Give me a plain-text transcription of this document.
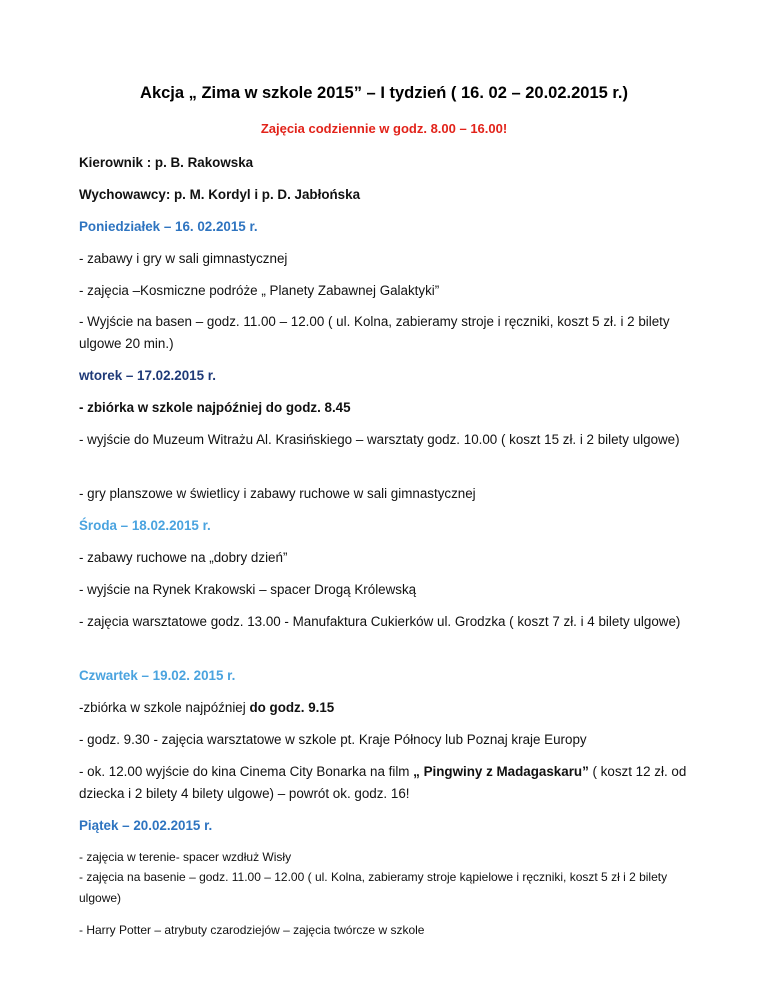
Akcja „ Zima w szkole 2015” – I tydzień ( 16. 02 – 20.02.2015 r.)
Zajęcia codziennie w godz. 8.00 – 16.00!
Kierownik : p. B. Rakowska
Wychowawcy: p. M. Kordyl i p. D. Jabłońska
Poniedziałek – 16. 02.2015 r.
- zabawy i gry w sali gimnastycznej
- zajęcia –Kosmiczne podróże „ Planety Zabawnej Galaktyki”
- Wyjście na basen – godz. 11.00 – 12.00 ( ul. Kolna, zabieramy stroje i ręczniki, koszt 5 zł. i 2 bilety ulgowe 20 min.)
wtorek – 17.02.2015 r.
- zbiórka w szkole najpóźniej do godz. 8.45
- wyjście do Muzeum Witrażu Al. Krasińskiego – warsztaty godz. 10.00 ( koszt 15 zł. i 2 bilety ulgowe)
- gry planszowe w świetlicy i zabawy ruchowe w sali gimnastycznej
Środa – 18.02.2015 r.
- zabawy ruchowe na „dobry dzień”
- wyjście na Rynek Krakowski – spacer Drogą Królewską
- zajęcia warsztatowe godz. 13.00 - Manufaktura Cukierków ul. Grodzka ( koszt 7 zł. i 4 bilety ulgowe)
Czwartek – 19.02. 2015 r.
-zbiórka w szkole najpóźniej do godz. 9.15
- godz. 9.30 - zajęcia warsztatowe w szkole pt. Kraje Północy lub Poznaj kraje Europy
- ok. 12.00 wyjście do kina Cinema City Bonarka na film „ Pingwiny z Madagaskaru” ( koszt 12 zł. od dziecka i 2 bilety 4 bilety ulgowe) – powrót ok. godz. 16!
Piątek – 20.02.2015 r.
- zajęcia w terenie- spacer wzdłuż Wisły
- zajęcia na basenie – godz. 11.00 – 12.00 ( ul. Kolna, zabieramy stroje kąpielowe i ręczniki, koszt 5 zł i 2 bilety ulgowe)
- Harry Potter – atrybuty czarodziejów – zajęcia twórcze w szkole
